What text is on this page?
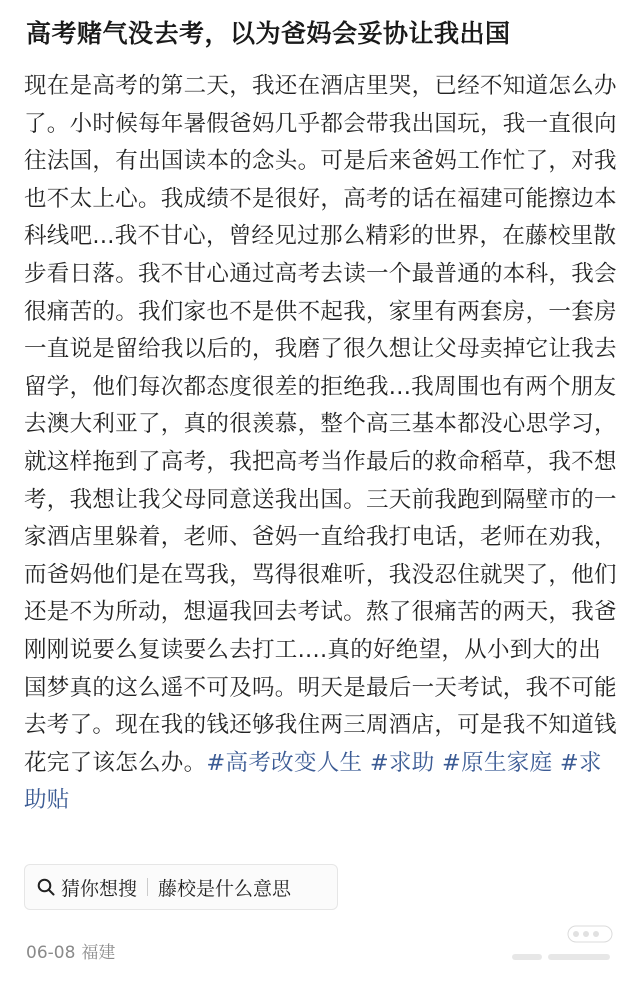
高考赌气没去考，以为爸妈会妥协让我出国
现在是高考的第二天，我还在酒店里哭，已经不知道怎么办了。小时候每年暑假爸妈几乎都会带我出国玩，我一直很向往法国，有出国读本的念头。可是后来爸妈工作忙了，对我也不太上心。我成绩不是很好，高考的话在福建可能擦边本科线吧...我不甘心，曾经见过那么精彩的世界，在藤校里散步看日落。我不甘心通过高考去读一个最普通的本科，我会很痛苦的。我们家也不是供不起我，家里有两套房，一套房一直说是留给我以后的，我磨了很久想让父母卖掉它让我去留学，他们每次都态度很差的拒绝我...我周围也有两个朋友去澳大利亚了，真的很羡慕，整个高三基本都没心思学习，就这样拖到了高考，我把高考当作最后的救命稻草，我不想考，我想让我父母同意送我出国。三天前我跑到隔壁市的一家酒店里躲着，老师、爸妈一直给我打电话，老师在劝我，而爸妈他们是在骂我，骂得很难听，我没忍住就哭了，他们还是不为所动，想逼我回去考试。熬了很痛苦的两天，我爸刚刚说要么复读要么去打工....真的好绝望，从小到大的出国梦真的这么遥不可及吗。明天是最后一天考试，我不可能去考了。现在我的钱还够我住两三周酒店，可是我不知道钱花完了该怎么办。#高考改变人生 #求助 #原生家庭 #求助贴
猜你想搜 藤校是什么意思
06-08 福建
